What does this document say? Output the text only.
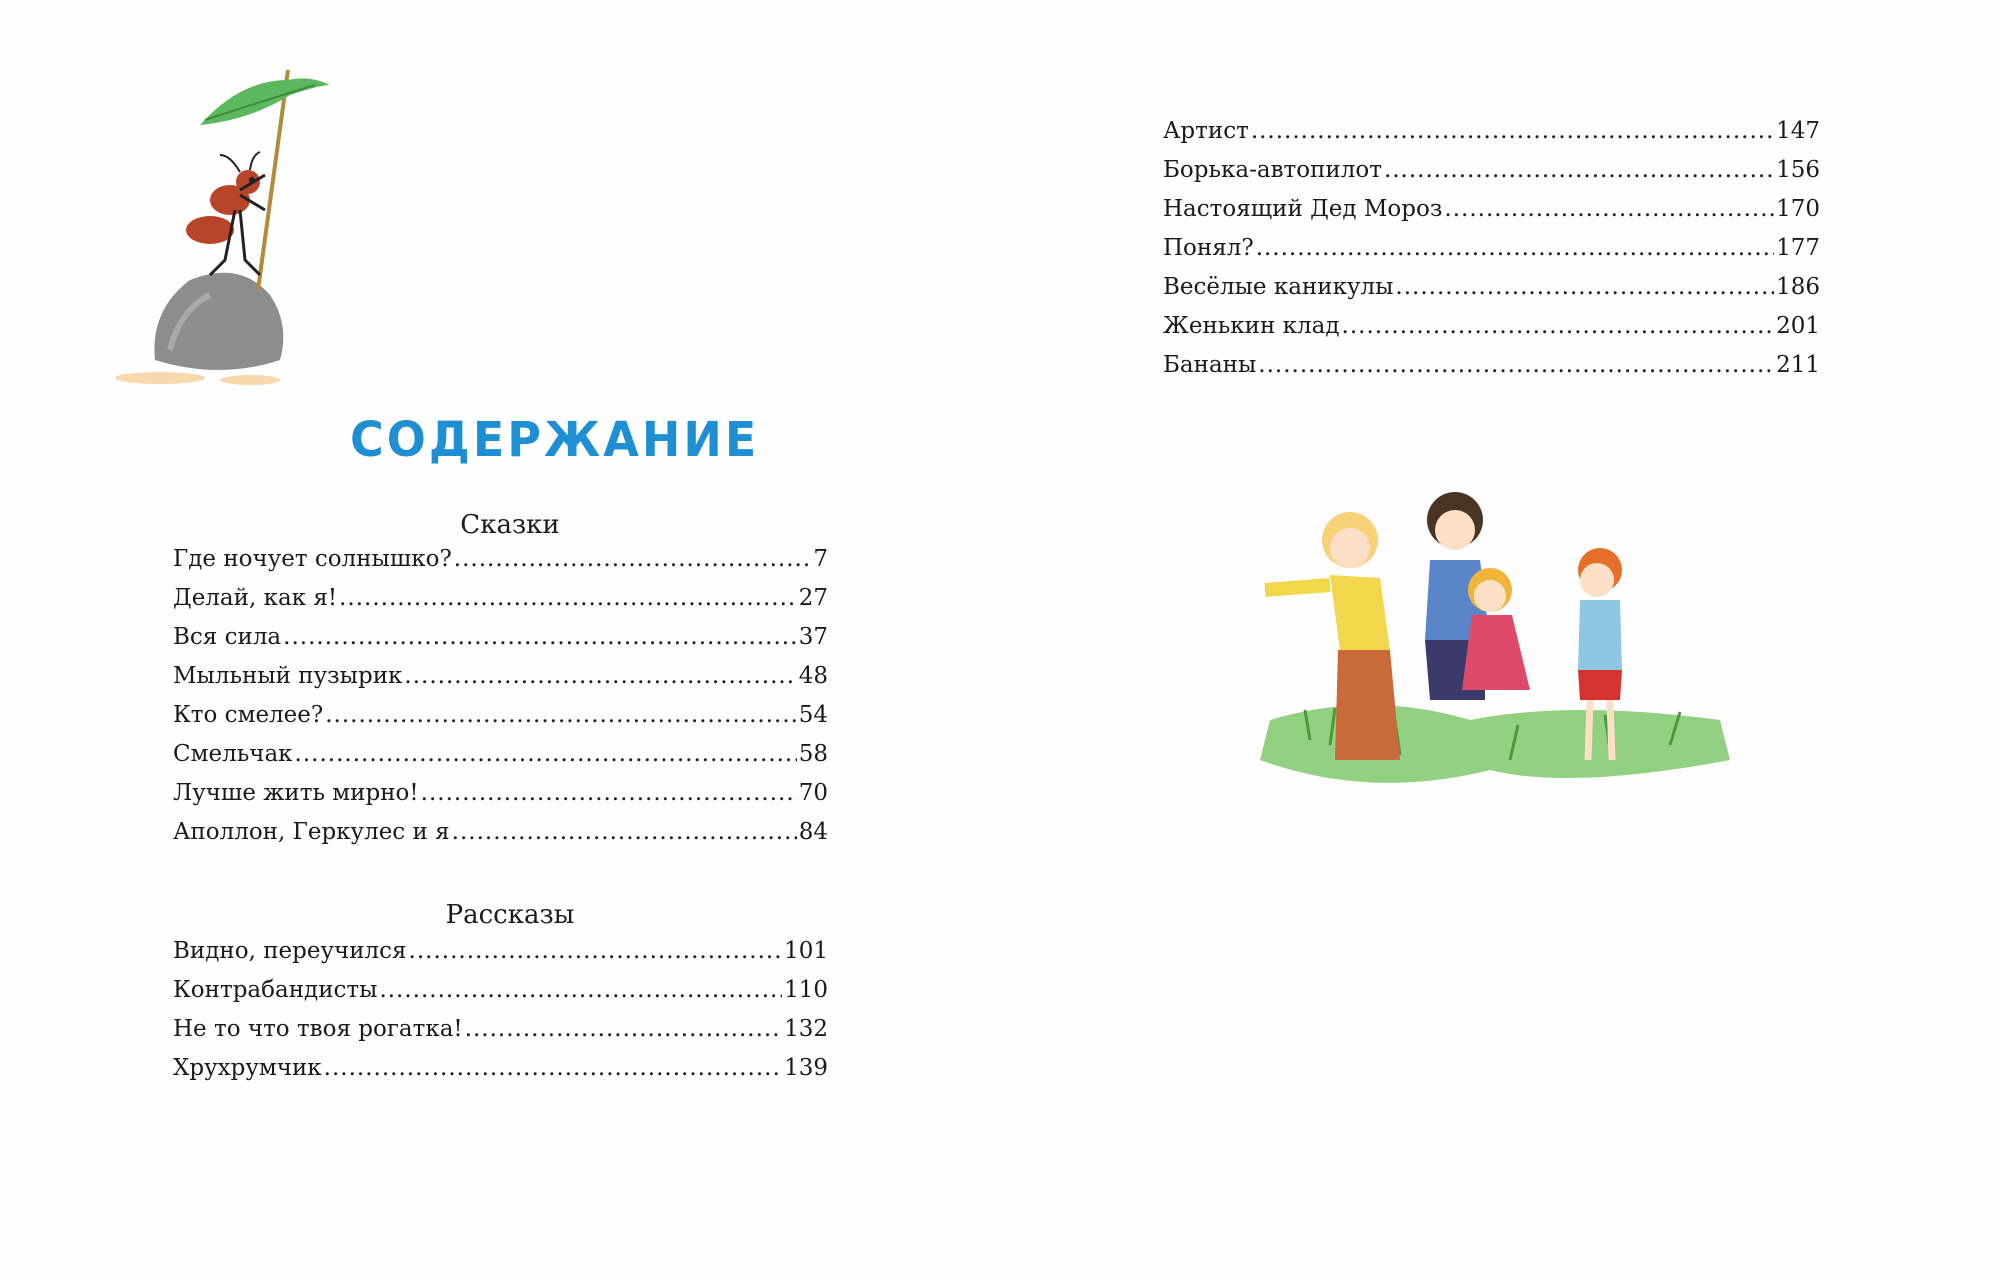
СОДЕРЖАНИЕ
Сказки
Где ночует солнышко? .....	7
Делай, как я! .....	27
Вся сила .....	37
Мыльный пузырик .....	48
Кто смелее? .....	54
Смельчак .....	58
Лучше жить мирно! .....	70
Аполлон, Геркулес и я .....	84
Рассказы
Видно, переучился .....	101
Контрабандисты .....	110
Не то что твоя рогатка! .....	132
Хрухрумчик .....	139
Артист .....	147
Борька-автопилот .....	156
Настоящий Дед Мороз .....	170
Понял? .....	177
Весёлые каникулы .....	186
Женькин клад .....	201
Бананы .....	211
